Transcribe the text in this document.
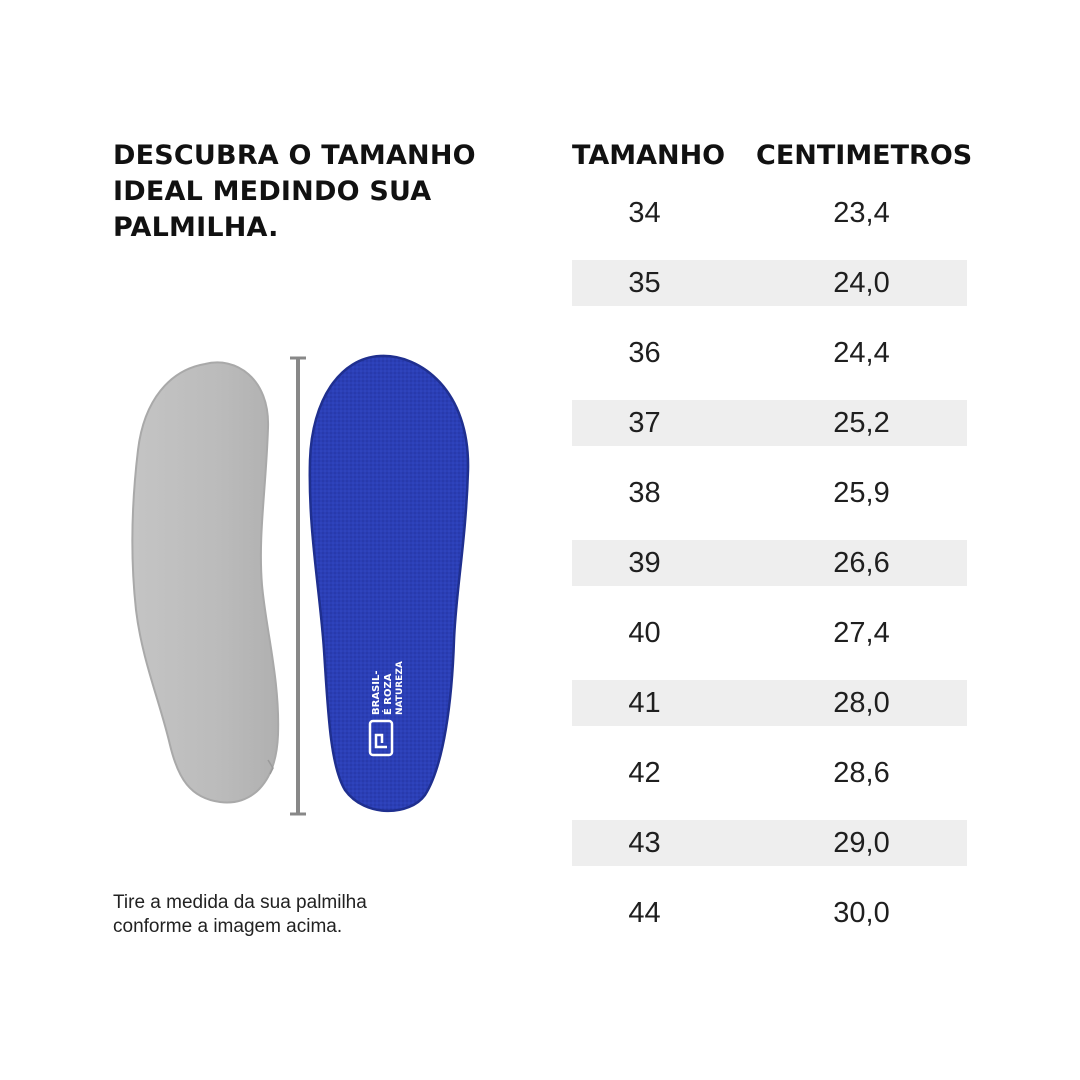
DESCUBRA O TAMANHO
IDEAL MEDINDO SUA
PALMILHA.
BRASIL- É ROZA NATUREZA
Tire a medida da sua palmilha
conforme a imagem acima.
TAMANHO CENTIMETROS
34	23,4
35	24,0
36	24,4
37	25,2
38	25,9
39	26,6
40	27,4
41	28,0
42	28,6
43	29,0
44	30,0
